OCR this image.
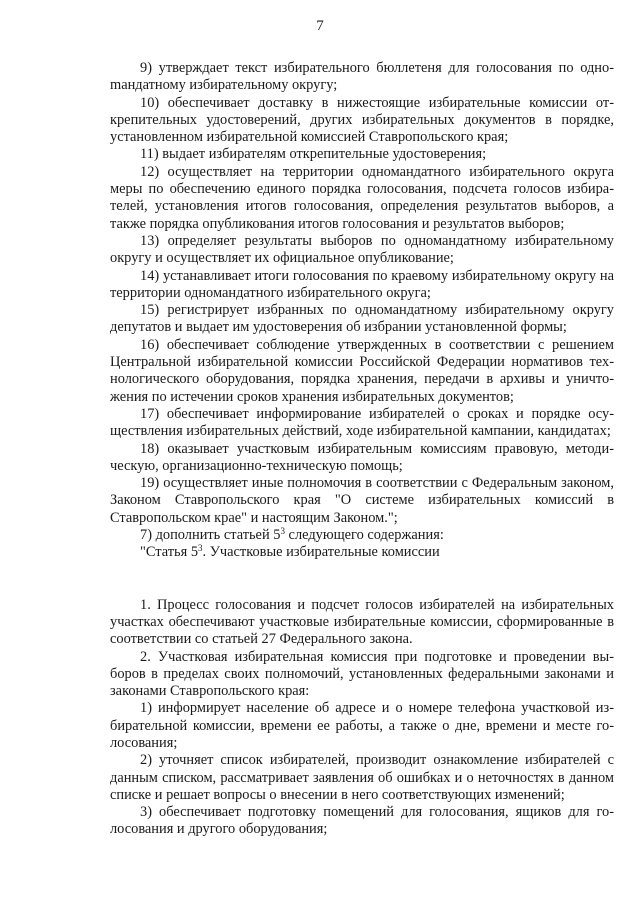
7

9) утверждает текст избирательного бюллетеня для голосования по одноmандатному избирательному округу;

10) обеспечивает доставку в нижестоящие избирательные комиссии открепительных удостоверений, других избирательных документов в порядке, установленном избирательной комиссией Ставропольского края;

11) выдает избирателям открепительные удостоверения;

12) осуществляет на территории одномандатного избирательного округа меры по обеспечению единого порядка голосования, подсчета голосов избирателей, установления итогов голосования, определения результатов выборов, а также порядка опубликования итогов голосования и результатов выборов;

13) определяет результаты выборов по одномандатному избирательному округу и осуществляет их официальное опубликование;

14) устанавливает итоги голосования по краевому избирательному округу на территории одномандатного избирательного округа;

15) регистрирует избранных по одномандатному избирательному округу депутатов и выдает им удостоверения об избрании установленной формы;

16) обеспечивает соблюдение утвержденных в соответствии с решением Центральной избирательной комиссии Российской Федерации нормативов технологического оборудования, порядка хранения, передачи в архивы и уничтожения по истечении сроков хранения избирательных документов;

17) обеспечивает информирование избирателей о сроках и порядке осуществления избирательных действий, ходе избирательной кампании, кандидатах;

18) оказывает участковым избирательным комиссиям правовую, методическую, организационно-техническую помощь;

19) осуществляет иные полномочия в соответствии с Федеральным законом, Законом Ставропольского края "О системе избирательных комиссий в Ставропольском крае" и настоящим Законом.";

7) дополнить статьей $5^3$ следующего содержания:

"Статья $5^3$. Участковые избирательные комиссии

1. Процесс голосования и подсчет голосов избирателей на избирательных участках обеспечивают участковые избирательные комиссии, сформированные в соответствии со статьей 27 Федерального закона.

2. Участковая избирательная комиссия при подготовке и проведении выборов в пределах своих полномочий, установленных федеральными законами и законами Ставропольского края:

1) информирует население об адресе и о номере телефона участковой избирательной комиссии, времени ее работы, а также о дне, времени и месте голосования;

2) уточняет список избирателей, производит ознакомление избирателей с данным списком, рассматривает заявления об ошибках и о неточностях в данном списке и решает вопросы о внесении в него соответствующих изменений;

3) обеспечивает подготовку помещений для голосования, ящиков для голосования и другого оборудования;
